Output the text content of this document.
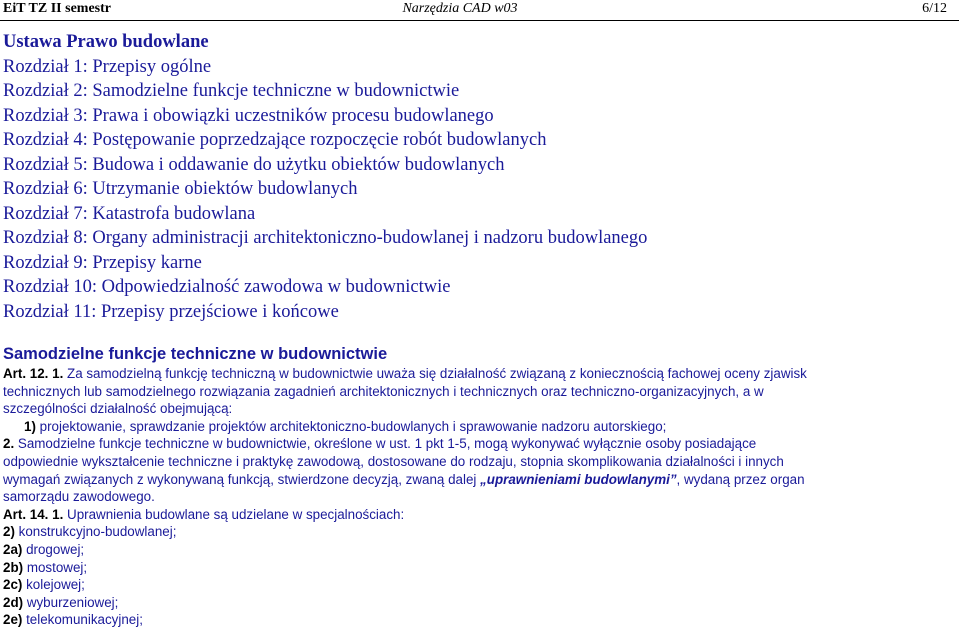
EiT TZ II semestr	Narzędzia CAD w03	6/12
Ustawa Prawo budowlane
Rozdział 1: Przepisy ogólne
Rozdział 2: Samodzielne funkcje techniczne w budownictwie
Rozdział 3: Prawa i obowiązki uczestników procesu budowlanego
Rozdział 4: Postępowanie poprzedzające rozpoczęcie robót budowlanych
Rozdział 5: Budowa i oddawanie do użytku obiektów budowlanych
Rozdział 6: Utrzymanie obiektów budowlanych
Rozdział 7: Katastrofa budowlana
Rozdział 8: Organy administracji architektoniczno-budowlanej i nadzoru budowlanego
Rozdział 9: Przepisy karne
Rozdział 10: Odpowiedzialność zawodowa w budownictwie
Rozdział 11: Przepisy przejściowe i końcowe
Samodzielne funkcje techniczne w budownictwie

Art. 12. 1. Za samodzielną funkcję techniczną w budownictwie uważa się działalność związaną z koniecznością fachowej oceny zjawisk

technicznych lub samodzielnego rozwiązania zagadnień architektonicznych i technicznych oraz techniczno-organizacyjnych, a w

szczególności działalność obejmującą:

1) projektowanie, sprawdzanie projektów architektoniczno-budowlanych i sprawowanie nadzoru autorskiego;

2. Samodzielne funkcje techniczne w budownictwie, określone w ust. 1 pkt 1-5, mogą wykonywać wyłącznie osoby posiadające

odpowiednie wykształcenie techniczne i praktykę zawodową, dostosowane do rodzaju, stopnia skomplikowania działalności i innych

wymagań związanych z wykonywaną funkcją, stwierdzone decyzją, zwaną dalej „uprawnieniami budowlanymi”, wydaną przez organ

samorządu zawodowego.

Art. 14. 1. Uprawnienia budowlane są udzielane w specjalnościach:

2) konstrukcyjno-budowlanej;

2a) drogowej;

2b) mostowej;

2c) kolejowej;

2d) wyburzeniowej;

2e) telekomunikacyjnej;
